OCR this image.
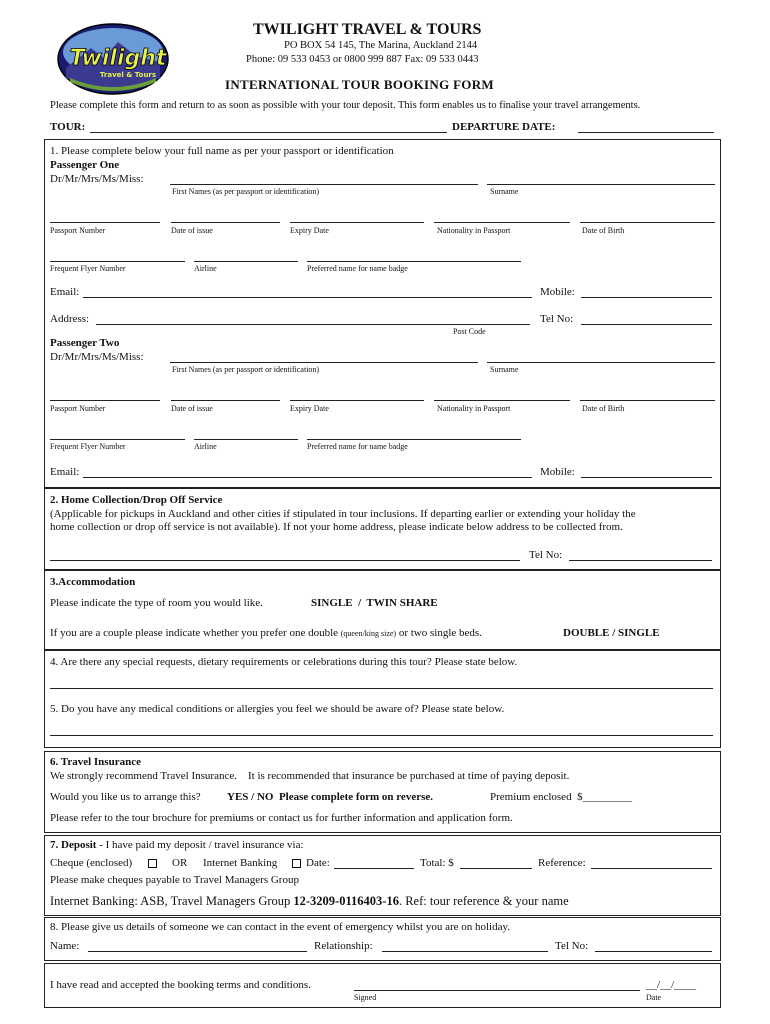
Twilight
Travel & Tours
TWILIGHT TRAVEL & TOURS
PO BOX 54 145, The Marina, Auckland 2144
Phone: 09 533 0453 or 0800 999 887 Fax: 09 533 0443
INTERNATIONAL TOUR BOOKING FORM
Please complete this form and return to as soon as possible with your tour deposit. This form enables us to finalise your travel arrangements.
TOUR:	DEPARTURE DATE:
1. Please complete below your full name as per your passport or identification
Passenger One
Dr/Mr/Mrs/Ms/Miss:
First Names (as per passport or identification)	Surname
Passport Number	Date of issue	Expiry Date	Nationality in Passport	Date of Birth
Frequent Flyer Number	Airline	Preferred name for name badge
Email:	Mobile:
Address:	Tel No:
Post Code
Passenger Two
Dr/Mr/Mrs/Ms/Miss:
First Names (as per passport or identification)	Surname
Passport Number	Date of issue	Expiry Date	Nationality in Passport	Date of Birth
Frequent Flyer Number	Airline	Preferred name for name badge
Email:	Mobile:
2. Home Collection/Drop Off Service
(Applicable for pickups in Auckland and other cities if stipulated in tour inclusions. If departing earlier or extending your holiday the
home collection or drop off service is not available). If not your home address, please indicate below address to be collected from.
Tel No:
3.Accommodation
Please indicate the type of room you would like.	SINGLE  /  TWIN SHARE
If you are a couple please indicate whether you prefer one double (queen/king size) or two single beds.	DOUBLE / SINGLE
4. Are there any special requests, dietary requirements or celebrations during this tour? Please state below.
5. Do you have any medical conditions or allergies you feel we should be aware of? Please state below.
6. Travel Insurance
We strongly recommend Travel Insurance.    It is recommended that insurance be purchased at time of paying deposit.
Would you like us to arrange this? YES / NO  Please complete form on reverse.	Premium enclosed  $_________
Please refer to the tour brochure for premiums or contact us for further information and application form.
7. Deposit - I have paid my deposit / travel insurance via:
Cheque (enclosed)	OR Internet Banking	Date:	Total: $	Reference:
Please make cheques payable to Travel Managers Group
Internet Banking: ASB, Travel Managers Group 12-3209-0116403-16. Ref: tour reference & your name
8. Please give us details of someone we can contact in the event of emergency whilst you are on holiday.
Name:	Relationship:	Tel No:
I have read and accepted the booking terms and conditions.	__/__/____
Signed	Date
